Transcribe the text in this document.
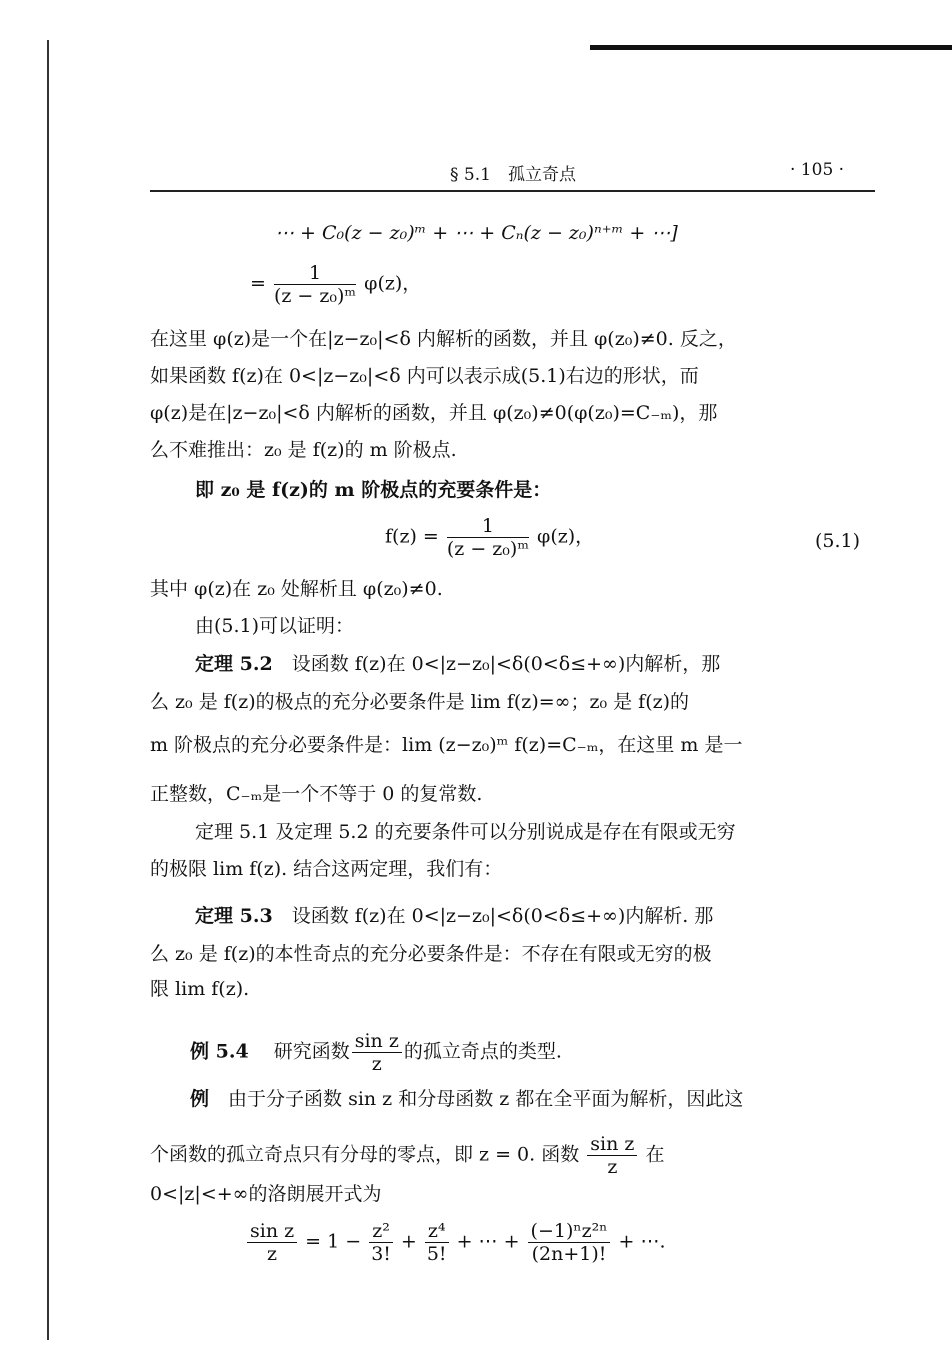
§ 5.1　孤立奇点	· 105 ·
⋯ + C₀(z − z₀)ᵐ + ⋯ + Cₙ(z − z₀)ⁿ⁺ᵐ + ⋯]
= $\frac{1}{\text{(z − z₀)ᵐ}} \varphi(z)$，
在这里 φ(z)是一个在|z−z₀|<δ 内解析的函数，并且 φ(z₀)≠0. 反之，
如果函数 f(z)在 0<|z−z₀|<δ 内可以表示成(5.1)右边的形状，而
φ(z)是在|z−z₀|<δ 内解析的函数，并且 φ(z₀)≠0(φ(z₀)=C₋ₘ)，那
么不难推出：z₀ 是 f(z)的 m 阶极点.
即 z₀ 是 f(z)的 m 阶极点的充要条件是：
$f(z) = \frac{1}{\text{(z − z₀)ᵐ}} \varphi(z)$，	(5.1)
其中 φ(z)在 z₀ 处解析且 φ(z₀)≠0.
由(5.1)可以证明：
定理 5.2　 设函数 f(z)在 0<|z−z₀|<δ(0<δ≤+∞)内解析，那
么 z₀ 是 f(z)的极点的充分必要条件是 lim f(z)=∞；z₀ 是 f(z)的
m 阶极点的充分必要条件是：lim (z−z₀)ᵐ f(z)=C₋ₘ，在这里 m 是一
正整数，C₋ₘ是一个不等于 0 的复常数.
定理 5.1 及定理 5.2 的充要条件可以分别说成是存在有限或无穷
的极限 lim f(z). 结合这两定理，我们有：
定理 5.3　 设函数 f(z)在 0<|z−z₀|<δ(0<δ≤+∞)内解析. 那
么 z₀ 是 f(z)的本性奇点的充分必要条件是：不存在有限或无穷的极
限 lim f(z).
例 5.4　 研究函数 $\frac{\text{sin z}}{z}$ 的孤立奇点的类型.
例　 由于分子函数 sin z 和分母函数 z 都在全平面为解析，因此这
个函数的孤立奇点只有分母的零点，即 z = 0. 函数 $\frac{\text{sin z}}{z}$ 在
0<|z|<+∞的洛朗展开式为
$\frac{\text{sin z}}{z} = 1 - \frac{\text{z²}}{3!} + \frac{\text{z⁴}}{5!}$ + ⋯ + $\frac{\text{(−1)ⁿz²ⁿ}}{(2n+1)!}$ + ⋯.
